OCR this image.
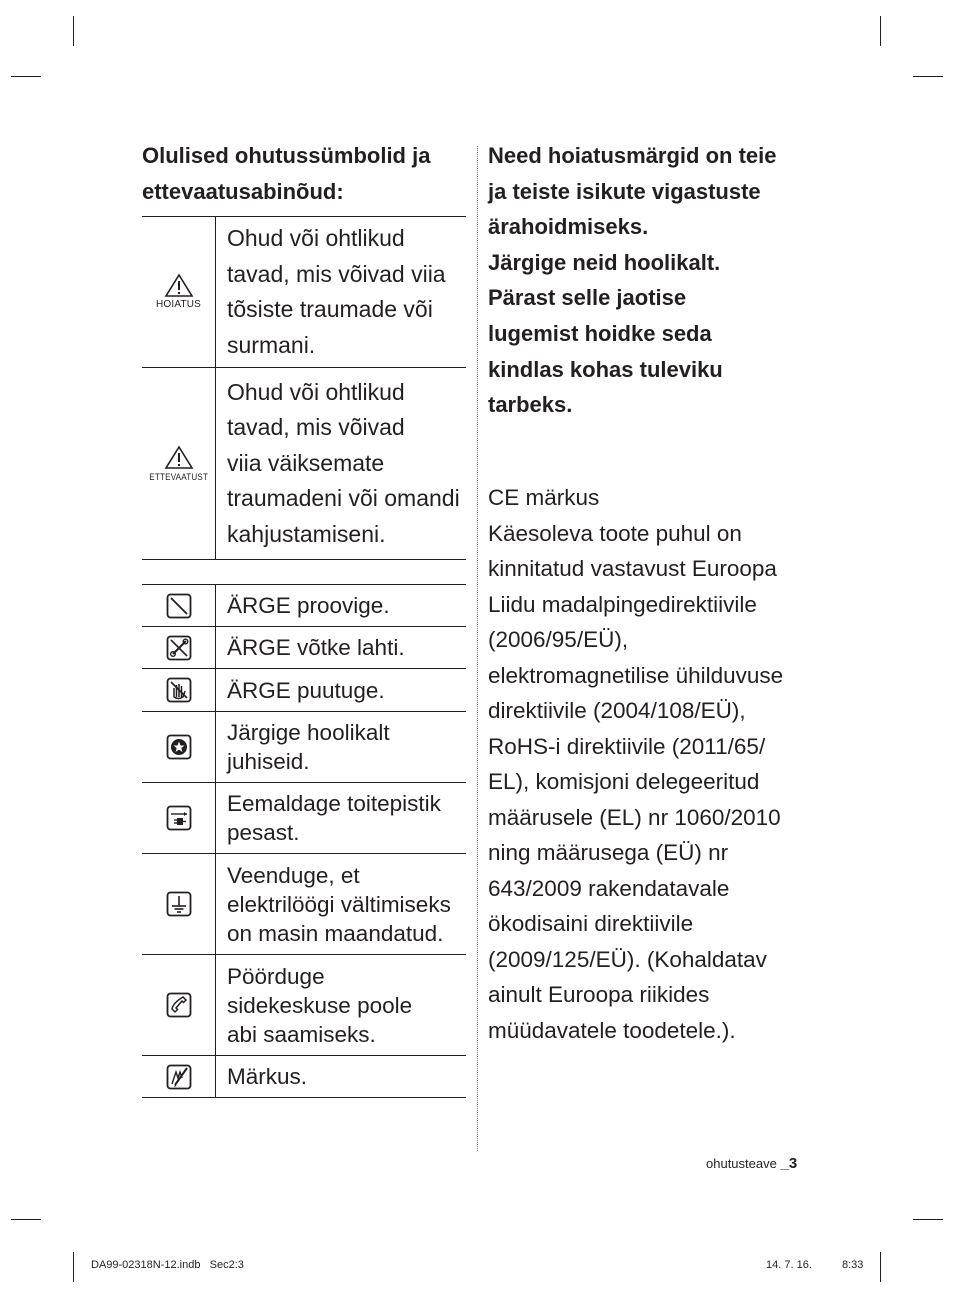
Olulised ohutussümbolid ja
ettevaatusabinõud:
HOIATUS
Ohud või ohtlikud
tavad, mis võivad viia
tõsiste traumade või
surmani.
ETTEVAATUST
Ohud või ohtlikud
tavad, mis võivad
viia väiksemate
traumadeni või omandi
kahjustamiseni.
ÄRGE proovige.
ÄRGE võtke lahti.
ÄRGE puutuge.
Järgige hoolikalt
juhiseid.
Eemaldage toitepistik
pesast.
Veenduge, et
elektrilöögi vältimiseks
on masin maandatud.
Pöörduge
sidekeskuse poole
abi saamiseks.
Märkus.
Need hoiatusmärgid on teie
ja teiste isikute vigastuste
ärahoidmiseks.
Järgige neid hoolikalt.
Pärast selle jaotise
lugemist hoidke seda
kindlas kohas tuleviku
tarbeks.
CE märkus
Käesoleva toote puhul on
kinnitatud vastavust Euroopa
Liidu madalpingedirektiivile
(2006/95/EÜ),
elektromagnetilise ühilduvuse
direktiivile (2004/108/EÜ),
RoHS-i direktiivile (2011/65/
EL), komisjoni delegeeritud
määrusele (EL) nr 1060/2010
ning määrusega (EÜ) nr
643/2009 rakendatavale
ökodisaini direktiivile
(2009/125/EÜ). (Kohaldatav
ainult Euroopa riikides
müüdavatele toodetele.).
ohutusteave _3
DA99-02318N-12.indb   Sec2:3	14. 7. 16.	8:33
